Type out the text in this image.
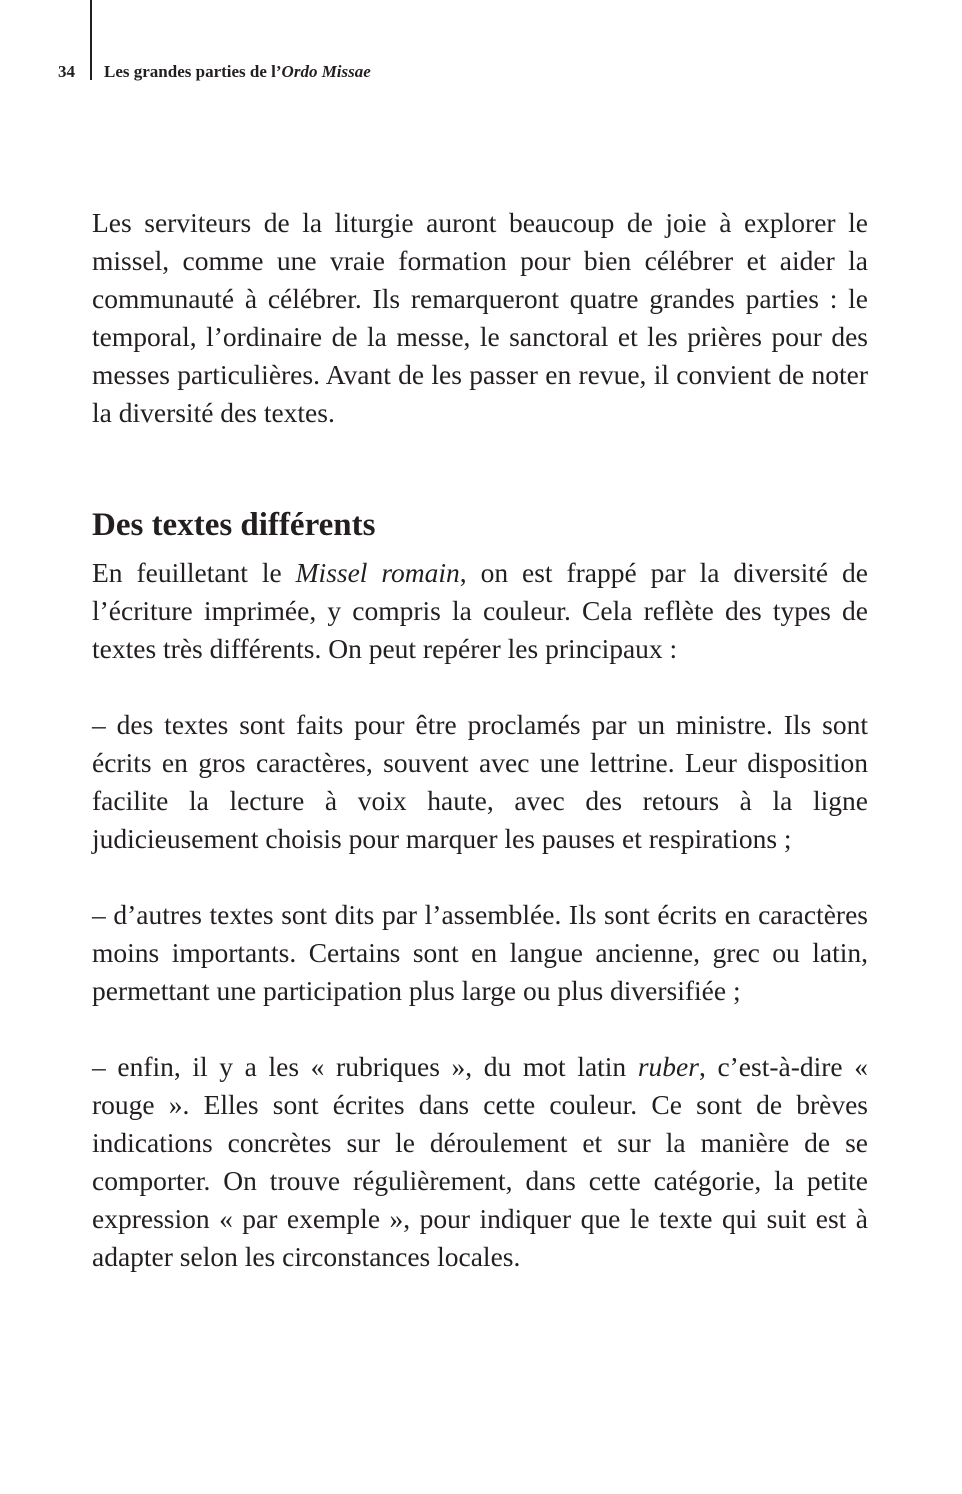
34 Les grandes parties de l’Ordo Missae

Les serviteurs de la liturgie auront beaucoup de joie à explorer le missel, comme une vraie formation pour bien célébrer et aider la communauté à célébrer. Ils remarqueront quatre grandes parties : le temporal, l’ordinaire de la messe, le sanctoral et les prières pour des messes particulières. Avant de les passer en revue, il convient de noter la diversité des textes.

Des textes différents

En feuilletant le Missel romain, on est frappé par la diversité de l’écriture imprimée, y compris la couleur. Cela reflète des types de textes très différents. On peut repérer les principaux :

– des textes sont faits pour être proclamés par un ministre. Ils sont écrits en gros caractères, souvent avec une lettrine. Leur disposition facilite la lecture à voix haute, avec des retours à la ligne judicieusement choisis pour marquer les pauses et respirations ;

– d’autres textes sont dits par l’assemblée. Ils sont écrits en caractères moins importants. Certains sont en langue ancienne, grec ou latin, permettant une participation plus large ou plus diversifiée ;

– enfin, il y a les « rubriques », du mot latin ruber, c’est-à-dire « rouge ». Elles sont écrites dans cette couleur. Ce sont de brèves indications concrètes sur le déroulement et sur la manière de se comporter. On trouve régulièrement, dans cette catégorie, la petite expression « par exemple », pour indiquer que le texte qui suit est à adapter selon les circonstances locales.
